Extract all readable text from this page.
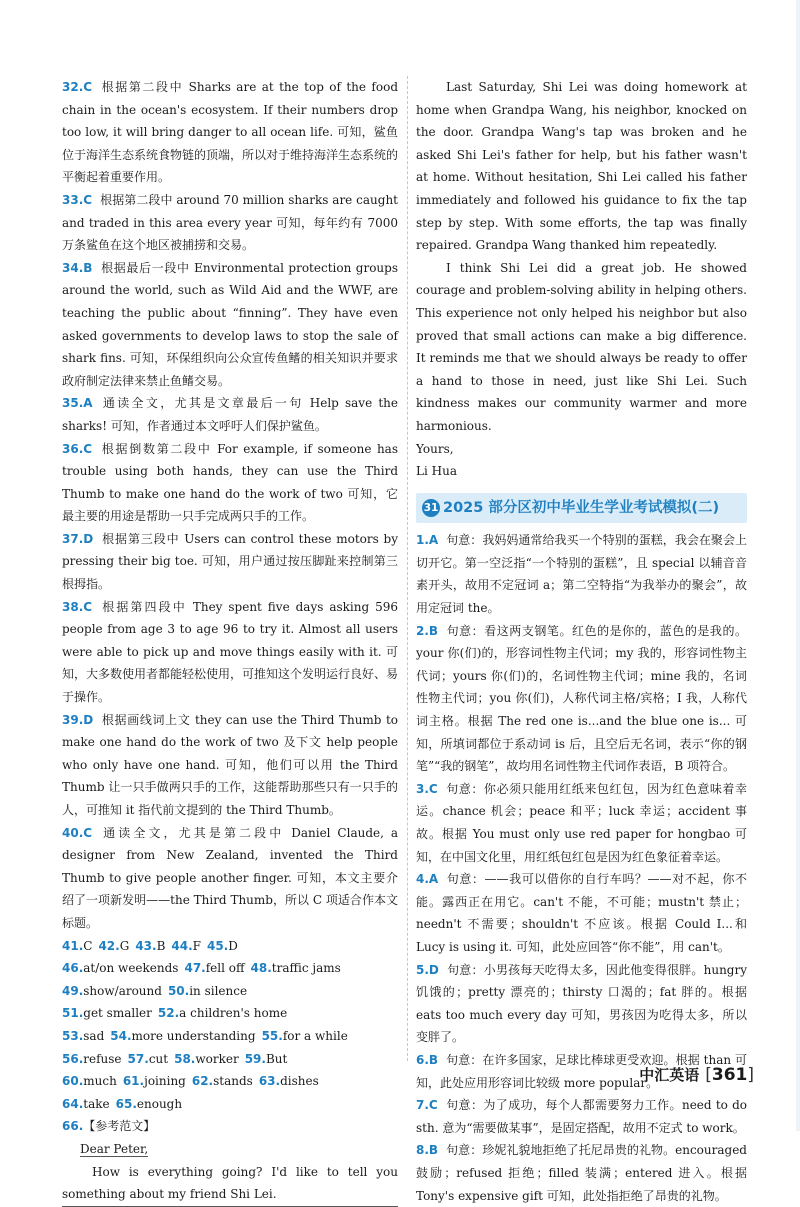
32.C 根据第二段中 Sharks are at the top of the food chain in the ocean's ecosystem. If their numbers drop too low, it will bring danger to all ocean life. 可知，鲨鱼位于海洋生态系统食物链的顶端，所以对于维持海洋生态系统的平衡起着重要作用。

33.C 根据第二段中 around 70 million sharks are caught and traded in this area every year 可知，每年约有 7000 万条鲨鱼在这个地区被捕捞和交易。

34.B 根据最后一段中 Environmental protection groups around the world, such as Wild Aid and the WWF, are teaching the public about “finning”. They have even asked governments to develop laws to stop the sale of shark fins. 可知，环保组织向公众宣传鱼鳍的相关知识并要求政府制定法律来禁止鱼鳍交易。

35.A 通读全文，尤其是文章最后一句 Help save the sharks! 可知，作者通过本文呼吁人们保护鲨鱼。

36.C 根据倒数第二段中 For example, if someone has trouble using both hands, they can use the Third Thumb to make one hand do the work of two 可知，它最主要的用途是帮助一只手完成两只手的工作。

37.D 根据第三段中 Users can control these motors by pressing their big toe. 可知，用户通过按压脚趾来控制第三根拇指。

38.C 根据第四段中 They spent five days asking 596 people from age 3 to age 96 to try it. Almost all users were able to pick up and move things easily with it. 可知，大多数使用者都能轻松使用，可推知这个发明运行良好、易于操作。

39.D 根据画线词上文 they can use the Third Thumb to make one hand do the work of two 及下文 help people who only have one hand. 可知，他们可以用 the Third Thumb 让一只手做两只手的工作，这能帮助那些只有一只手的人，可推知 it 指代前文提到的 the Third Thumb。

40.C 通读全文，尤其是第二段中 Daniel Claude, a designer from New Zealand, invented the Third Thumb to give people another finger. 可知，本文主要介绍了一项新发明——the Third Thumb，所以 C 项适合作本文标题。

41.C 42.G 43.B 44.F 45.D

46.at/on weekends 47.fell off 48.traffic jams

49.show/around 50.in silence

51.get smaller 52.a children's home

53.sad 54.more understanding 55.for a while

56.refuse 57.cut 58.worker 59.But

60.much 61.joining 62.stands 63.dishes

64.take 65.enough

66.【参考范文】

Dear Peter,

How is everything going? I'd like to tell you something about my friend Shi Lei.

Last Saturday, Shi Lei was doing homework at home when Grandpa Wang, his neighbor, knocked on the door. Grandpa Wang's tap was broken and he asked Shi Lei's father for help, but his father wasn't at home. Without hesitation, Shi Lei called his father immediately and followed his guidance to fix the tap step by step. With some efforts, the tap was finally repaired. Grandpa Wang thanked him repeatedly.

I think Shi Lei did a great job. He showed courage and problem-solving ability in helping others. This experience not only helped his neighbor but also proved that small actions can make a big difference. It reminds me that we should always be ready to offer a hand to those in need, just like Shi Lei. Such kindness makes our community warmer and more harmonious.

Yours,

Li Hua

31 2025 部分区初中毕业生学业考试模拟(二)

1.A 句意：我妈妈通常给我买一个特别的蛋糕，我会在聚会上切开它。第一空泛指“一个特别的蛋糕”，且 special 以辅音音素开头，故用不定冠词 a；第二空特指“为我举办的聚会”，故用定冠词 the。

2.B 句意：看这两支钢笔。红色的是你的，蓝色的是我的。your 你(们)的，形容词性物主代词；my 我的，形容词性物主代词；yours 你(们)的，名词性物主代词；mine 我的，名词性物主代词；you 你(们)，人称代词主格/宾格；I 我，人称代词主格。根据 The red one is...and the blue one is... 可知，所填词都位于系动词 is 后，且空后无名词，表示“你的钢笔”“我的钢笔”，故均用名词性物主代词作表语，B 项符合。

3.C 句意：你必须只能用红纸来包红包，因为红色意味着幸运。chance 机会；peace 和平；luck 幸运；accident 事故。根据 You must only use red paper for hongbao 可知，在中国文化里，用红纸包红包是因为红色象征着幸运。

4.A 句意：——我可以借你的自行车吗？——对不起，你不能。露西正在用它。can't 不能，不可能；mustn't 禁止；needn't 不需要；shouldn't 不应该。根据 Could I...和 Lucy is using it. 可知，此处应回答“你不能”，用 can't。

5.D 句意：小男孩每天吃得太多，因此他变得很胖。hungry 饥饿的；pretty 漂亮的；thirsty 口渴的；fat 胖的。根据 eats too much every day 可知，男孩因为吃得太多，所以变胖了。

6.B 句意：在许多国家，足球比棒球更受欢迎。根据 than 可知，此处应用形容词比较级 more popular。

7.C 句意：为了成功，每个人都需要努力工作。need to do sth. 意为“需要做某事”，是固定搭配，故用不定式 to work。

8.B 句意：珍妮礼貌地拒绝了托尼昂贵的礼物。encouraged 鼓励；refused 拒绝；filled 装满；entered 进入。根据 Tony's expensive gift 可知，此处指拒绝了昂贵的礼物。

中汇英语 [361]
